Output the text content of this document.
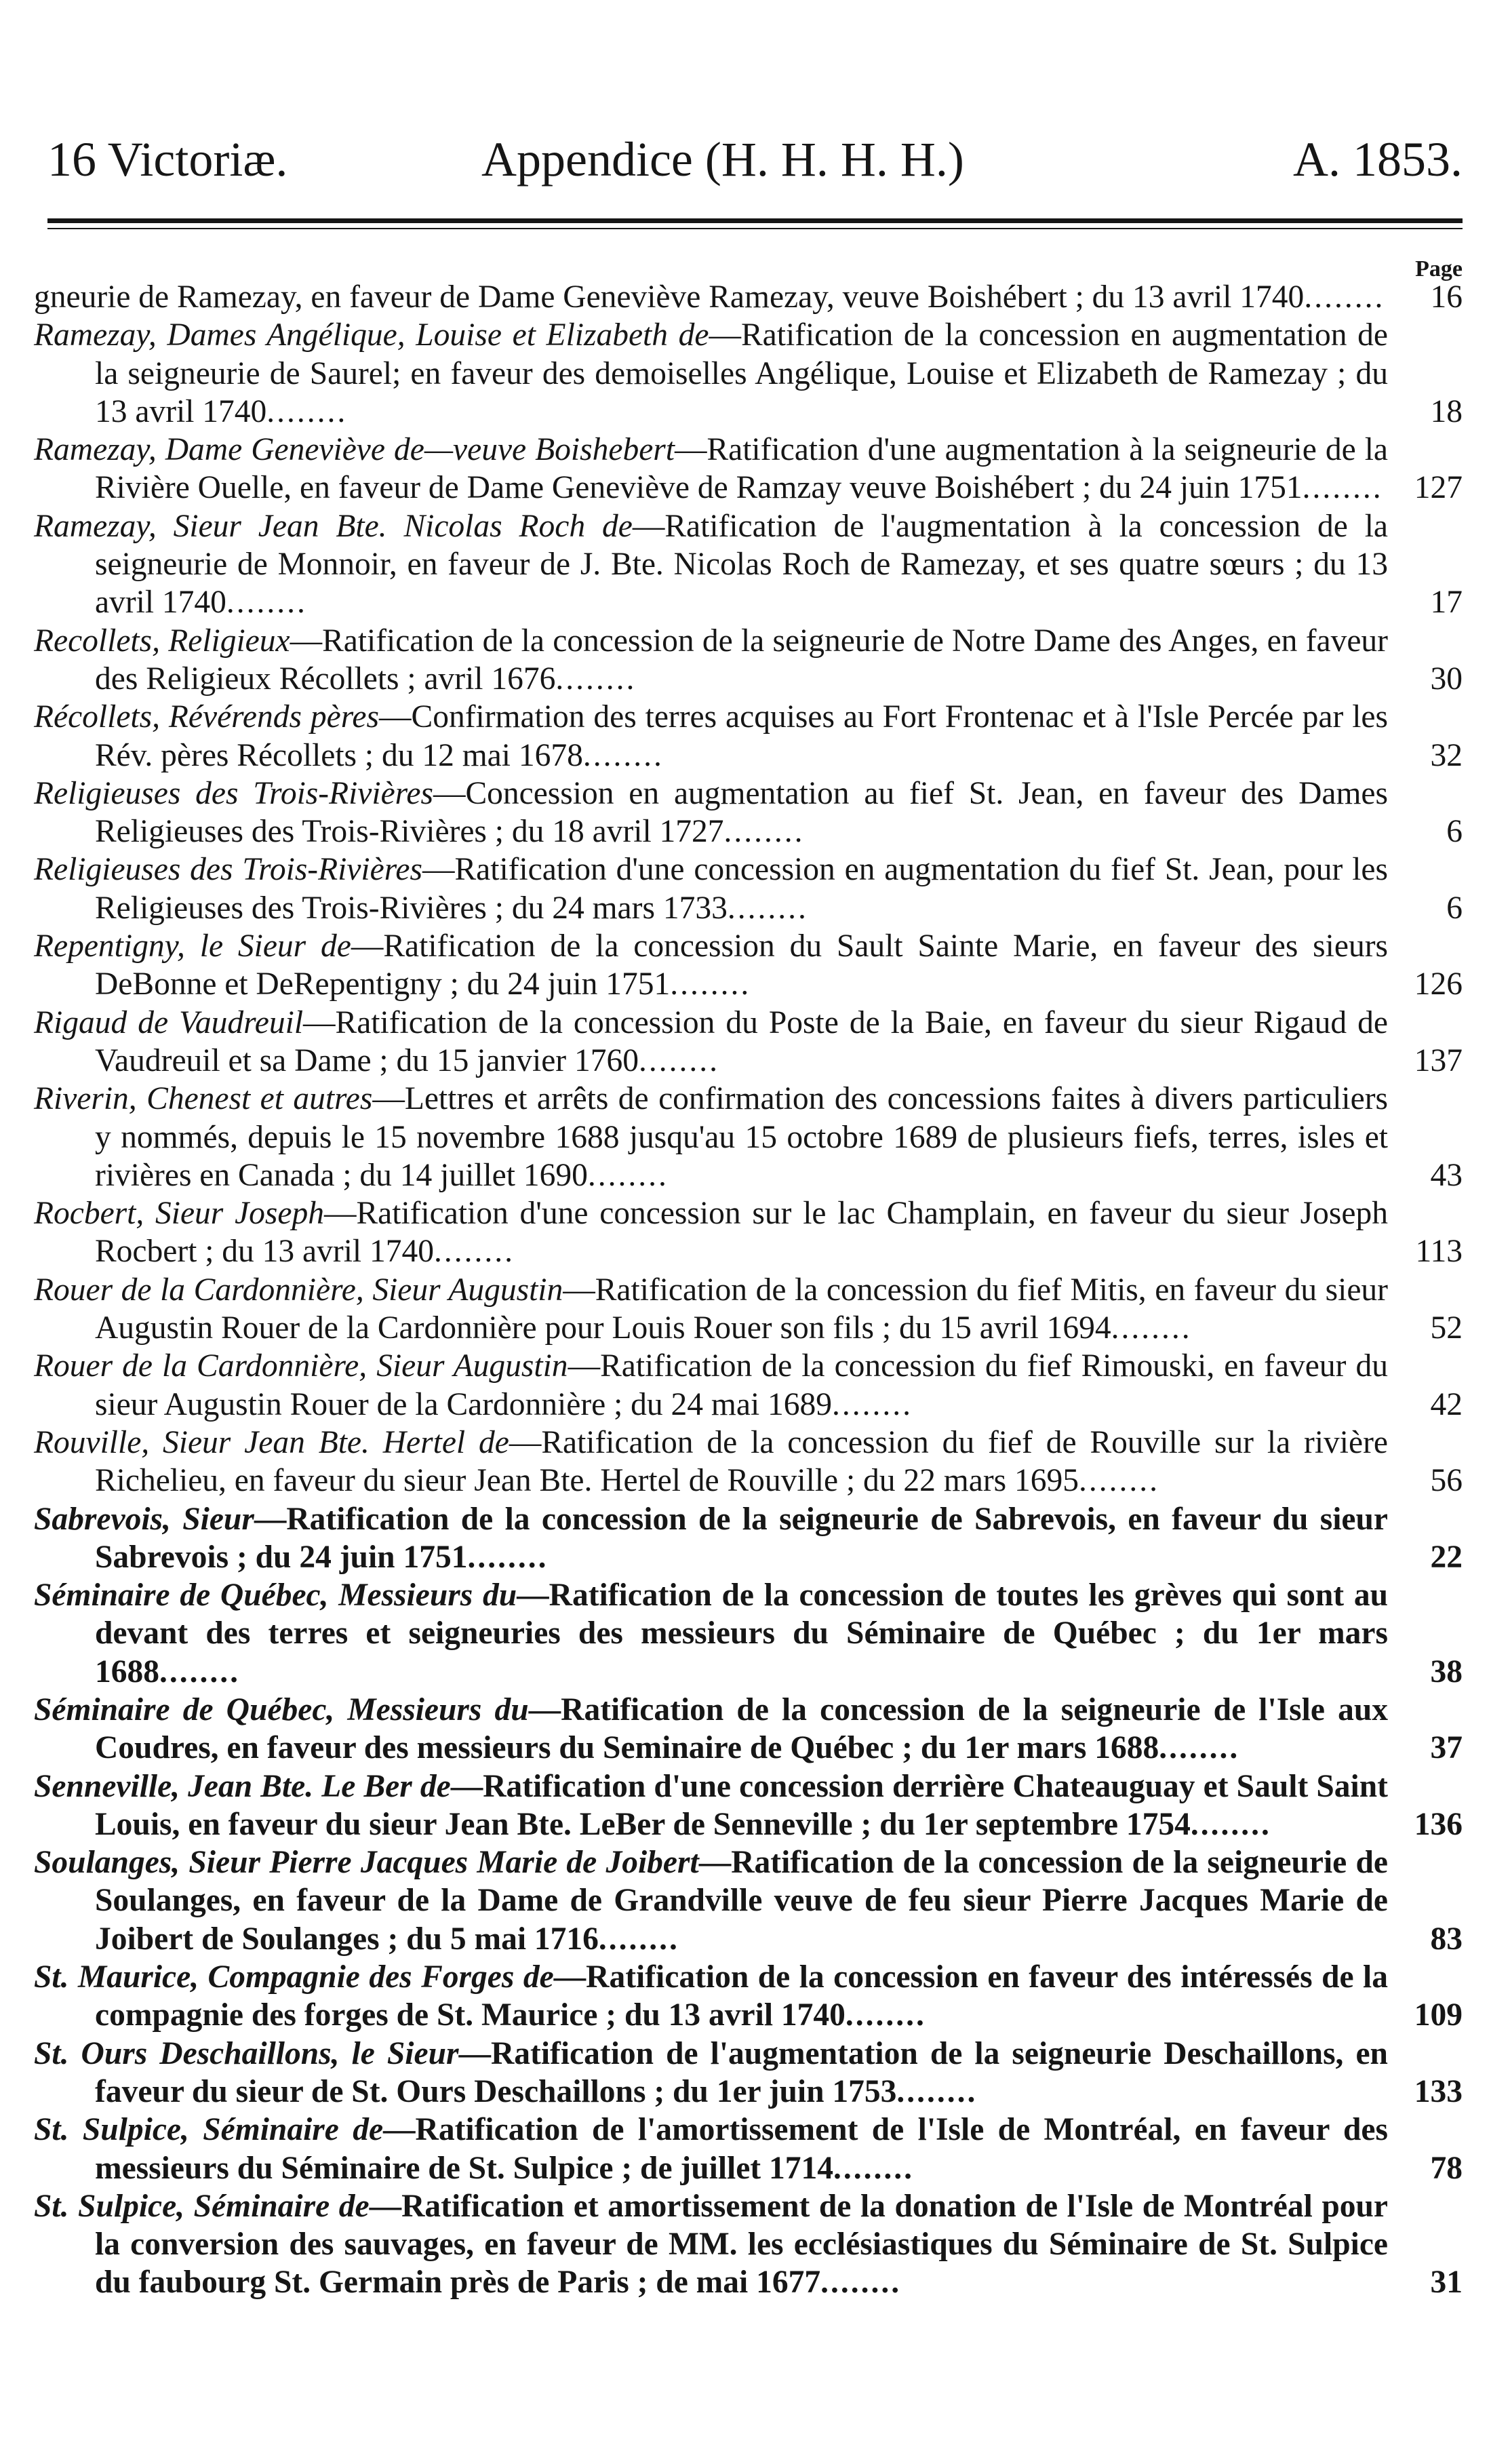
16 Victoriæ.	Appendice (H. H. H. H.)	A. 1853.
Page
gneurie de Ramezay, en faveur de Dame Geneviève Ramezay, veuve Boishébert ; du 13 avril 1740........	16
Ramezay, Dames Angélique, Louise et Elizabeth de—Ratification de la concession en augmentation de la seigneurie de Saurel; en faveur des demoiselles Angélique, Louise et Elizabeth de Ramezay ; du 13 avril 1740........	18
Ramezay, Dame Geneviève de—veuve Boishebert—Ratification d'une augmentation à la seigneurie de la Rivière Ouelle, en faveur de Dame Geneviève de Ramzay veuve Boishébert ; du 24 juin 1751........ 127
Ramezay, Sieur Jean Bte. Nicolas Roch de—Ratification de l'augmentation à la concession de la seigneurie de Monnoir, en faveur de J. Bte. Nicolas Roch de Ramezay, et ses quatre sœurs ; du 13 avril 1740........	17
Recollets, Religieux—Ratification de la concession de la seigneurie de Notre Dame des Anges, en faveur des Religieux Récollets ; avril 1676........	30
Récollets, Révérends pères—Confirmation des terres acquises au Fort Frontenac et à l'Isle Percée par les Rév. pères Récollets ; du 12 mai 1678........	32
Religieuses des Trois-Rivières—Concession en augmentation au fief St. Jean, en faveur des Dames Religieuses des Trois-Rivières ; du 18 avril 1727........	6
Religieuses des Trois-Rivières—Ratification d'une concession en augmentation du fief St. Jean, pour les Religieuses des Trois-Rivières ; du 24 mars 1733........	6
Repentigny, le Sieur de—Ratification de la concession du Sault Sainte Marie, en faveur des sieurs DeBonne et DeRepentigny ; du 24 juin 1751........	126
Rigaud de Vaudreuil—Ratification de la concession du Poste de la Baie, en faveur du sieur Rigaud de Vaudreuil et sa Dame ; du 15 janvier 1760........	137
Riverin, Chenest et autres—Lettres et arrêts de confirmation des concessions faites à divers particuliers y nommés, depuis le 15 novembre 1688 jusqu'au 15 octobre 1689 de plusieurs fiefs, terres, isles et rivières en Canada ; du 14 juillet 1690........	43
Rocbert, Sieur Joseph—Ratification d'une concession sur le lac Champlain, en faveur du sieur Joseph Rocbert ; du 13 avril 1740........	113
Rouer de la Cardonnière, Sieur Augustin—Ratification de la concession du fief Mitis, en faveur du sieur Augustin Rouer de la Cardonnière pour Louis Rouer son fils ; du 15 avril 1694........	52
Rouer de la Cardonnière, Sieur Augustin—Ratification de la concession du fief Rimouski, en faveur du sieur Augustin Rouer de la Cardonnière ; du 24 mai 1689........	42
Rouville, Sieur Jean Bte. Hertel de—Ratification de la concession du fief de Rouville sur la rivière Richelieu, en faveur du sieur Jean Bte. Hertel de Rouville ; du 22 mars 1695........	56
Sabrevois, Sieur—Ratification de la concession de la seigneurie de Sabrevois, en faveur du sieur Sabrevois ; du 24 juin 1751........	22
Séminaire de Québec, Messieurs du—Ratification de la concession de toutes les grèves qui sont au devant des terres et seigneuries des messieurs du Séminaire de Québec ; du 1er mars 1688........	38
Séminaire de Québec, Messieurs du—Ratification de la concession de la seigneurie de l'Isle aux Coudres, en faveur des messieurs du Seminaire de Québec ; du 1er mars 1688........	37
Senneville, Jean Bte. Le Ber de—Ratification d'une concession derrière Chateauguay et Sault Saint Louis, en faveur du sieur Jean Bte. LeBer de Senneville ; du 1er septembre 1754........	136
Soulanges, Sieur Pierre Jacques Marie de Joibert—Ratification de la concession de la seigneurie de Soulanges, en faveur de la Dame de Grandville veuve de feu sieur Pierre Jacques Marie de Joibert de Soulanges ; du 5 mai 1716........	83
St. Maurice, Compagnie des Forges de—Ratification de la concession en faveur des intéressés de la compagnie des forges de St. Maurice ; du 13 avril 1740........	109
St. Ours Deschaillons, le Sieur—Ratification de l'augmentation de la seigneurie Deschaillons, en faveur du sieur de St. Ours Deschaillons ; du 1er juin 1753........	133
St. Sulpice, Séminaire de—Ratification de l'amortissement de l'Isle de Montréal, en faveur des messieurs du Séminaire de St. Sulpice ; de juillet 1714........	78
St. Sulpice, Séminaire de—Ratification et amortissement de la donation de l'Isle de Montréal pour la conversion des sauvages, en faveur de MM. les ecclésiastiques du Séminaire de St. Sulpice du faubourg St. Germain près de Paris ; de mai 1677........	31
